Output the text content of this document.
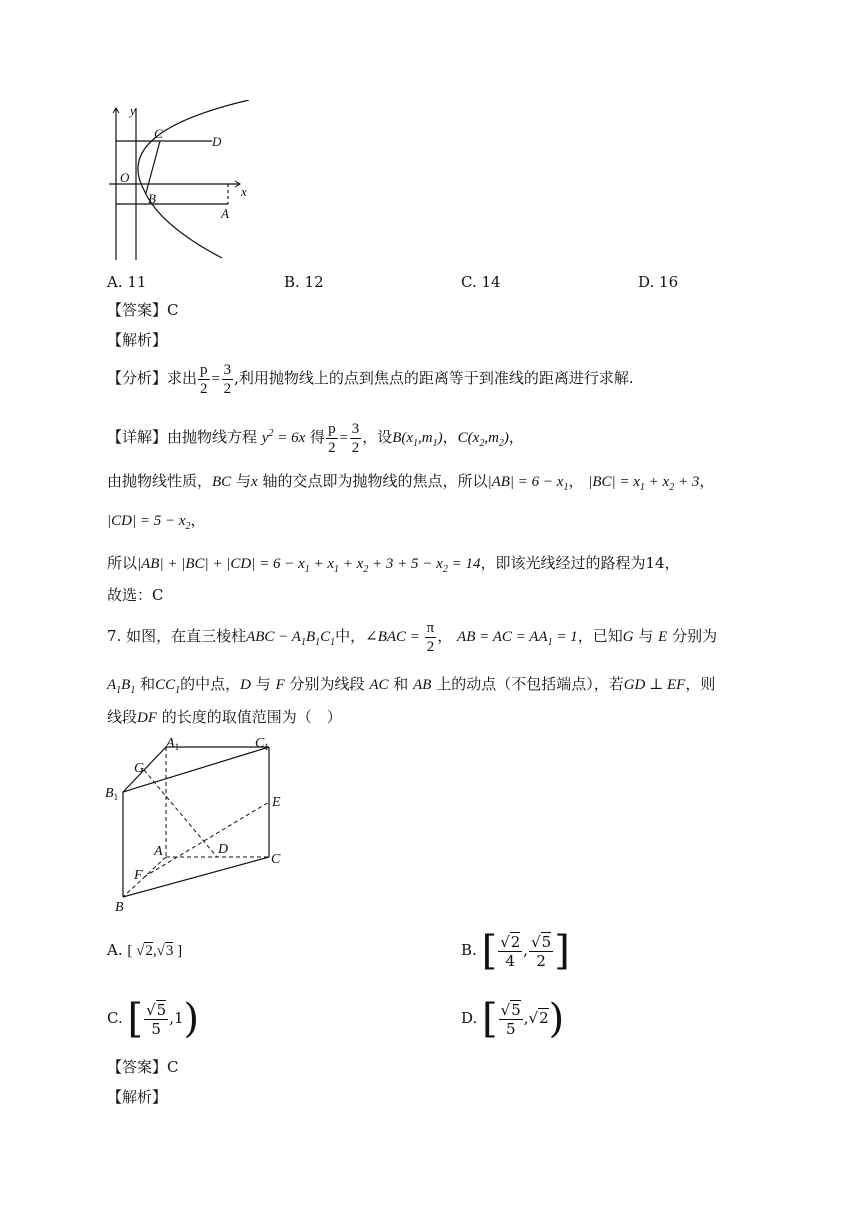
y
x
O
C
D
B
A
A. 11	B. 12	C. 14	D. 16
【答案】C
【解析】
【分析】求出 $\frac{p}{2} = \frac{3}{2}$ ,利用抛物线上的点到焦点的距离等于到准线的距离进行求解.
【详解】由抛物线方程 $y^2 = 6x$ 得 $\frac{p}{2} = \frac{3}{2}$ ，设$B(x_1,m_1)$，$C(x_2,m_2)$，
由抛物线性质，BC 与x 轴的交点即为抛物线的焦点，所以$|AB| = 6 - x_1$， $|BC| = x_1 + x_2 + 3$，
$|CD| = 5 - x_2$，
所以$|AB| + |BC| + |CD| = 6 - x_1 + x_1 + x_2 + 3 + 5 - x_2 = 14$，即该光线经过的路程为14，
故选：C
7. 如图，在直三棱柱ABC − $A_1B_1C_1$中，∠BAC = $\frac{\pi}{2}$ ， AB = AC = $AA_1 = 1$，已知G 与 E 分别为
$A_1B_1$ 和$CC_1$的中点，D 与 F 分别为线段 AC 和 AB 上的动点（不包括端点），若GD ⊥ EF，则
线段DF 的长度的取值范围为（　）
$A_1$	$C_1$
G
$B_1$	E
A	D
C
F
B
A. [ √2,√3 ]	B. [ $\frac{√2}{4}$ , $\frac{√5}{2}$ ]
C. [ $\frac{√5}{5} ,1$)	D. [ $\frac{√5}{5} ,√2$)
【答案】C
【解析】
